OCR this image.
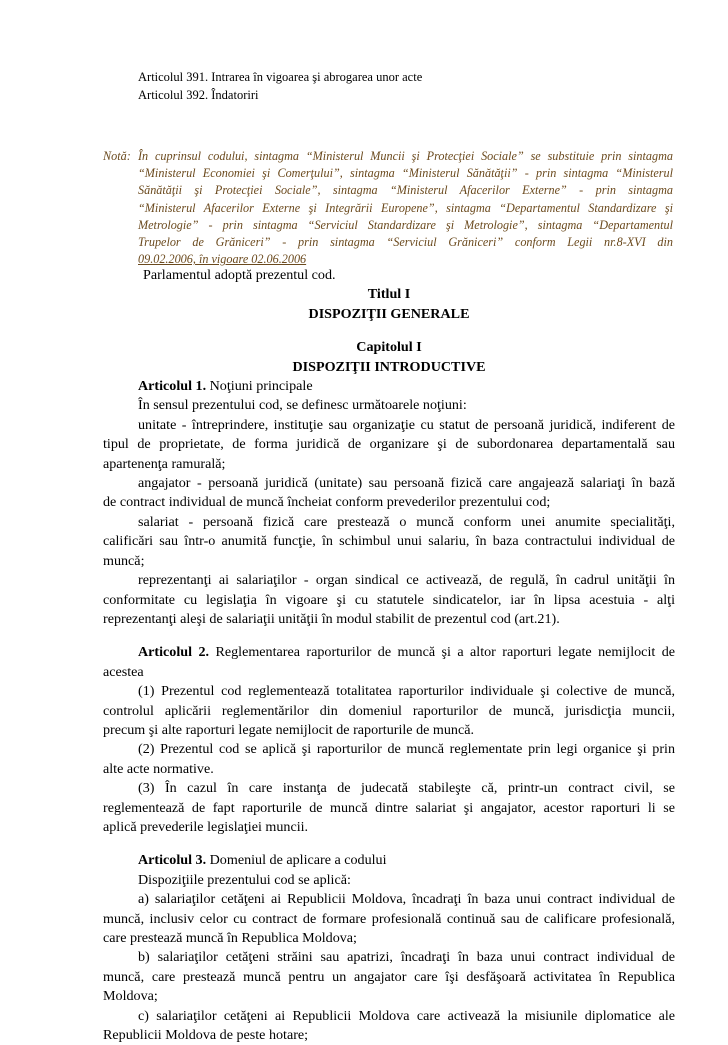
Articolul 391. Intrarea în vigoarea şi abrogarea unor acte
Articolul 392. Îndatoriri
Notă: În cuprinsul codului, sintagma “Ministerul Muncii şi Protecţiei Sociale” se substituie prin sintagma
“Ministerul Economiei şi Comerţului”, sintagma “Ministerul Sănătăţii” - prin sintagma “Ministerul
Sănătăţii şi Protecţiei Sociale”, sintagma “Ministerul Afacerilor Externe” - prin sintagma
“Ministerul Afacerilor Externe şi Integrării Europene”, sintagma “Departamentul Standardizare şi
Metrologie” - prin sintagma “Serviciul Standardizare şi Metrologie”, sintagma “Departamentul
Trupelor de Grăniceri” - prin sintagma “Serviciul Grăniceri” conform Legii nr.8-XVI din
09.02.2006, în vigoare 02.06.2006
Parlamentul adoptă prezentul cod.
Titlul I
DISPOZIŢII GENERALE
Capitolul I
DISPOZIŢII INTRODUCTIVE
Articolul 1. Noţiuni principale
În sensul prezentului cod, se definesc următoarele noţiuni:
unitate - întreprindere, instituţie sau organizaţie cu statut de persoană juridică, indiferent de
tipul de proprietate, de forma juridică de organizare şi de subordonarea departamentală sau
apartenenţa ramurală;
angajator - persoană juridică (unitate) sau persoană fizică care angajează salariaţi în bază
de contract individual de muncă încheiat conform prevederilor prezentului cod;
salariat - persoană fizică care prestează o muncă conform unei anumite specialităţi,
calificări sau într-o anumită funcţie, în schimbul unui salariu, în baza contractului individual de
muncă;
reprezentanţi ai salariaţilor - organ sindical ce activează, de regulă, în cadrul unităţii în
conformitate cu legislaţia în vigoare şi cu statutele sindicatelor, iar în lipsa acestuia - alţi
reprezentanţi aleşi de salariaţii unităţii în modul stabilit de prezentul cod (art.21).
Articolul 2. Reglementarea raporturilor de muncă şi a altor raporturi legate nemijlocit de
acestea
(1) Prezentul cod reglementează totalitatea raporturilor individuale şi colective de muncă,
controlul aplicării reglementărilor din domeniul raporturilor de muncă, jurisdicţia muncii,
precum şi alte raporturi legate nemijlocit de raporturile de muncă.
(2) Prezentul cod se aplică şi raporturilor de muncă reglementate prin legi organice şi prin
alte acte normative.
(3) În cazul în care instanţa de judecată stabileşte că, printr-un contract civil, se
reglementează de fapt raporturile de muncă dintre salariat şi angajator, acestor raporturi li se
aplică prevederile legislaţiei muncii.
Articolul 3. Domeniul de aplicare a codului
Dispoziţiile prezentului cod se aplică:
a) salariaţilor cetăţeni ai Republicii Moldova, încadraţi în baza unui contract individual de
muncă, inclusiv celor cu contract de formare profesională continuă sau de calificare profesională,
care prestează muncă în Republica Moldova;
b) salariaţilor cetăţeni străini sau apatrizi, încadraţi în baza unui contract individual de
muncă, care prestează muncă pentru un angajator care îşi desfăşoară activitatea în Republica
Moldova;
c) salariaţilor cetăţeni ai Republicii Moldova care activează la misiunile diplomatice ale
Republicii Moldova de peste hotare;
